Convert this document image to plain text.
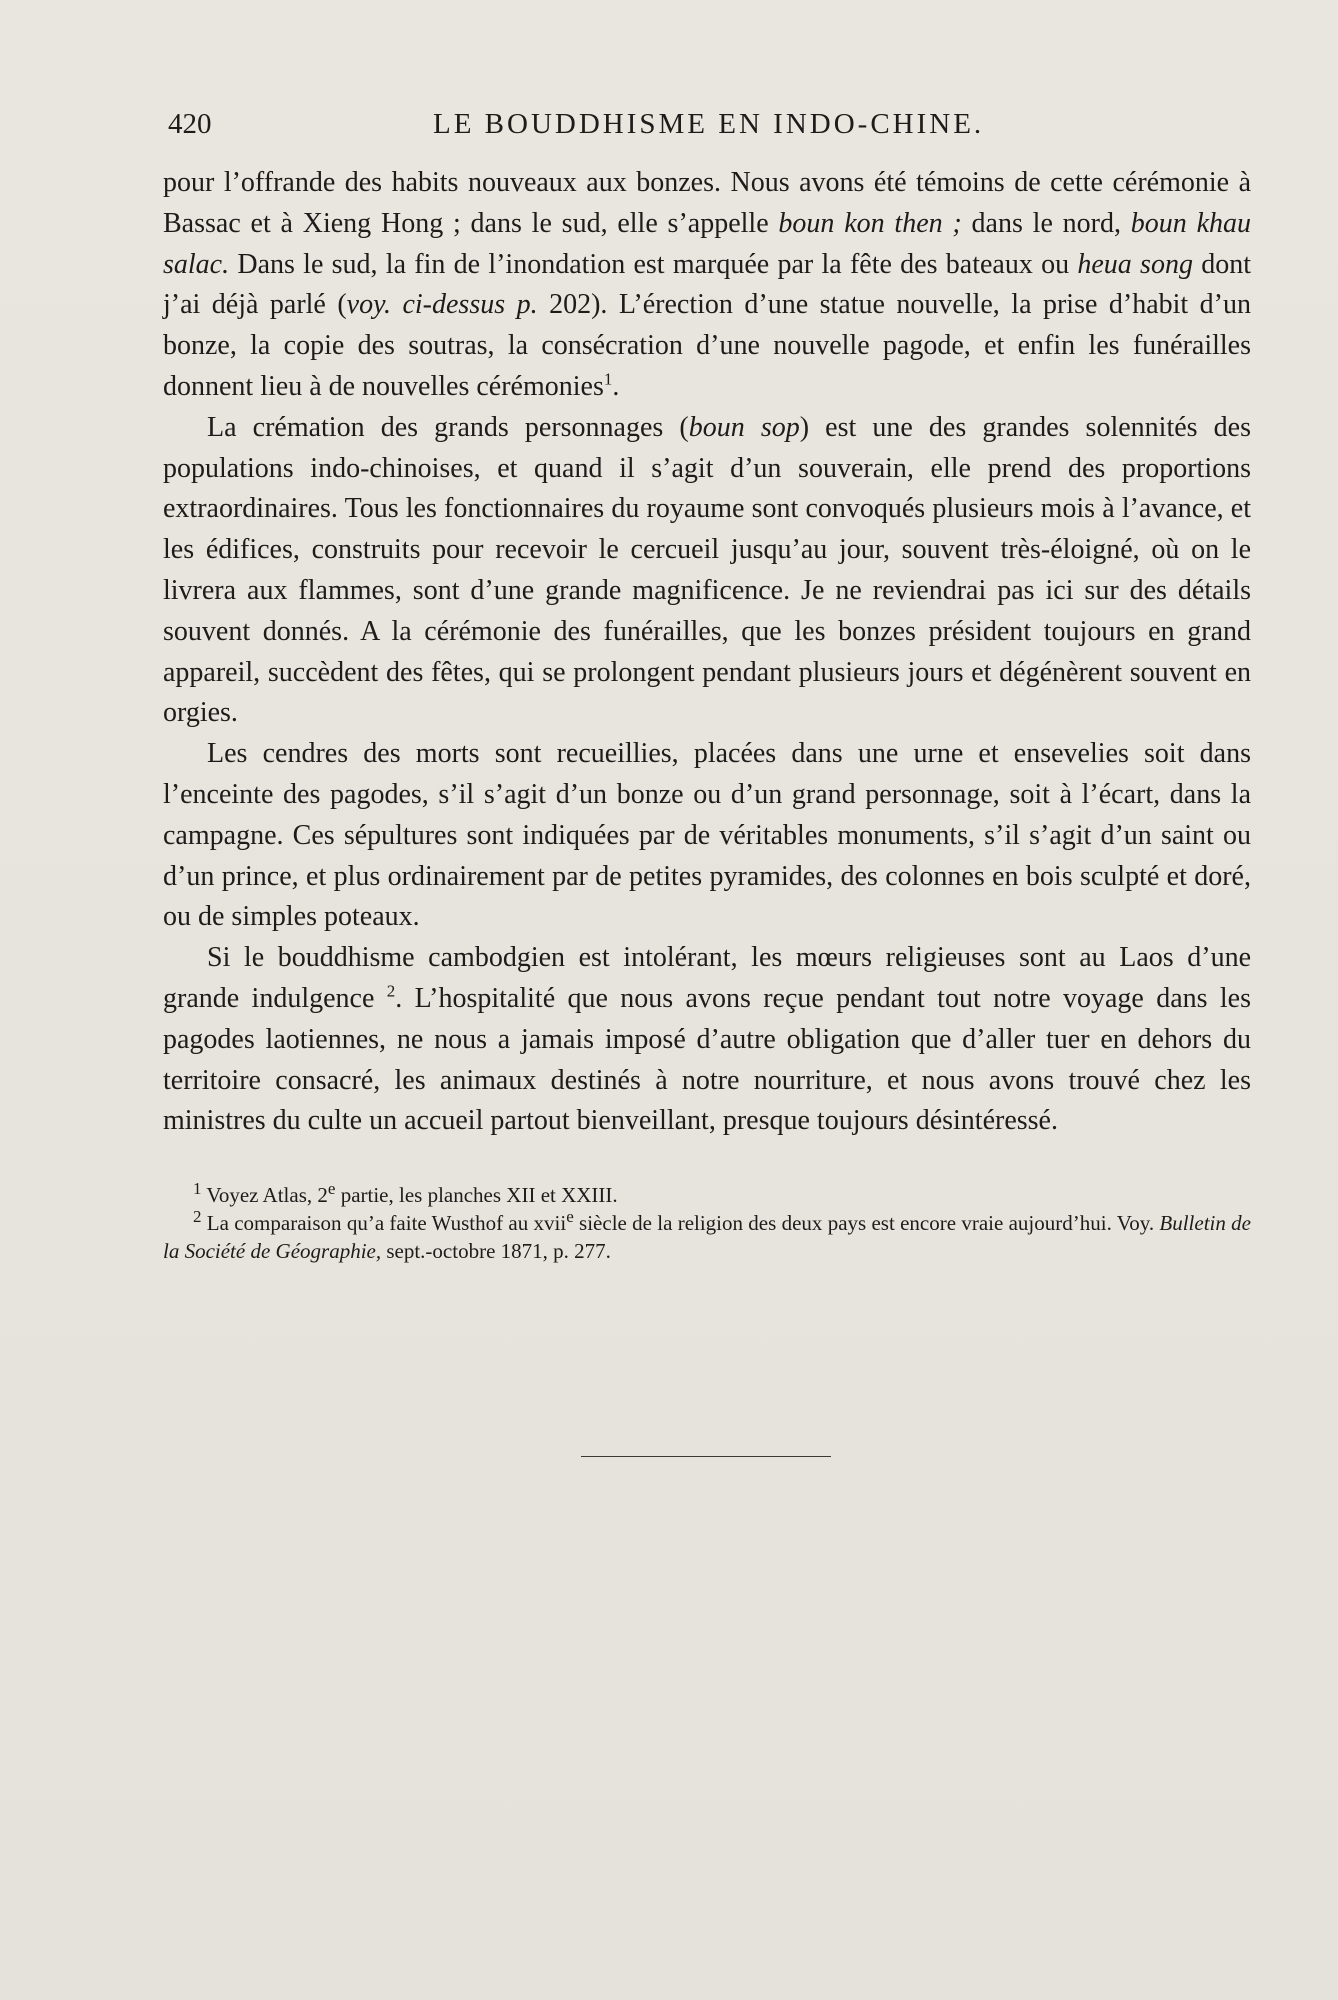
420	LE BOUDDHISME EN INDO-CHINE.

pour l’offrande des habits nouveaux aux bonzes. Nous avons été témoins de cette cérémonie à Bassac et à Xieng Hong ; dans le sud, elle s’appelle boun kon then ; dans le nord, boun khau salac. Dans le sud, la fin de l’inondation est marquée par la fête des bateaux ou heua song dont j’ai déjà parlé (voy. ci-dessus p. 202). L’érection d’une statue nouvelle, la prise d’habit d’un bonze, la copie des soutras, la consécration d’une nouvelle pagode, et enfin les funérailles donnent lieu à de nouvelles cérémonies$^1$.

La crémation des grands personnages (boun sop) est une des grandes solennités des populations indo-chinoises, et quand il s’agit d’un souverain, elle prend des proportions extraordinaires. Tous les fonctionnaires du royaume sont convoqués plusieurs mois à l’avance, et les édifices, construits pour recevoir le cercueil jusqu’au jour, souvent très-éloigné, où on le livrera aux flammes, sont d’une grande magnificence. Je ne reviendrai pas ici sur des détails souvent donnés. A la cérémonie des funérailles, que les bonzes président toujours en grand appareil, succèdent des fêtes, qui se prolongent pendant plusieurs jours et dégénèrent souvent en orgies.

Les cendres des morts sont recueillies, placées dans une urne et ensevelies soit dans l’enceinte des pagodes, s’il s’agit d’un bonze ou d’un grand personnage, soit à l’écart, dans la campagne. Ces sépultures sont indiquées par de véritables monuments, s’il s’agit d’un saint ou d’un prince, et plus ordinairement par de petites pyramides, des colonnes en bois sculpté et doré, ou de simples poteaux.

Si le bouddhisme cambodgien est intolérant, les mœurs religieuses sont au Laos d’une grande indulgence $^2$. L’hospitalité que nous avons reçue pendant tout notre voyage dans les pagodes laotiennes, ne nous a jamais imposé d’autre obligation que d’aller tuer en dehors du territoire consacré, les animaux destinés à notre nourriture, et nous avons trouvé chez les ministres du culte un accueil partout bienveillant, presque toujours désintéressé.

$^1$ Voyez Atlas, 2e partie, les planches XII et XXIII.

$^2$ La comparaison qu’a faite Wusthof au xvii$^e$ siècle de la religion des deux pays est encore vraie aujourd’hui. Voy. Bulletin de la Société de Géographie, sept.-octobre 1871, p. 277.
